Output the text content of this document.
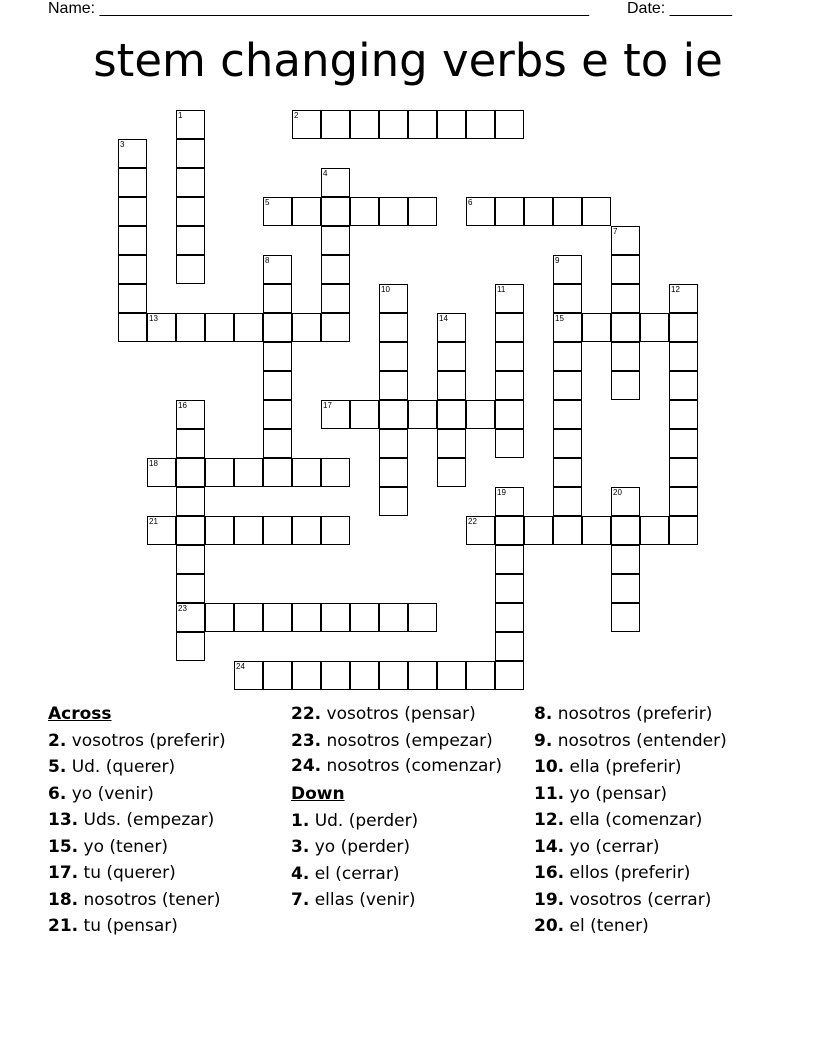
Name: _______________________________________________________ Date: _______
stem changing verbs e to ie
1	2
3
4
5	6
7
8	9
15
10	11	12
13	14
16
23
17
18
19	20
21	22
24
Across
2. vosotros (preferir)
5. Ud. (querer)
6. yo (venir)
13. Uds. (empezar)
15. yo (tener)
17. tu (querer)
18. nosotros (tener)
21. tu (pensar)
22. vosotros (pensar)
23. nosotros (empezar)
24. nosotros (comenzar)
Down
1. Ud. (perder)
3. yo (perder)
4. el (cerrar)
7. ellas (venir)
8. nosotros (preferir)
9. nosotros (entender)
10. ella (preferir)
11. yo (pensar)
12. ella (comenzar)
14. yo (cerrar)
16. ellos (preferir)
19. vosotros (cerrar)
20. el (tener)
